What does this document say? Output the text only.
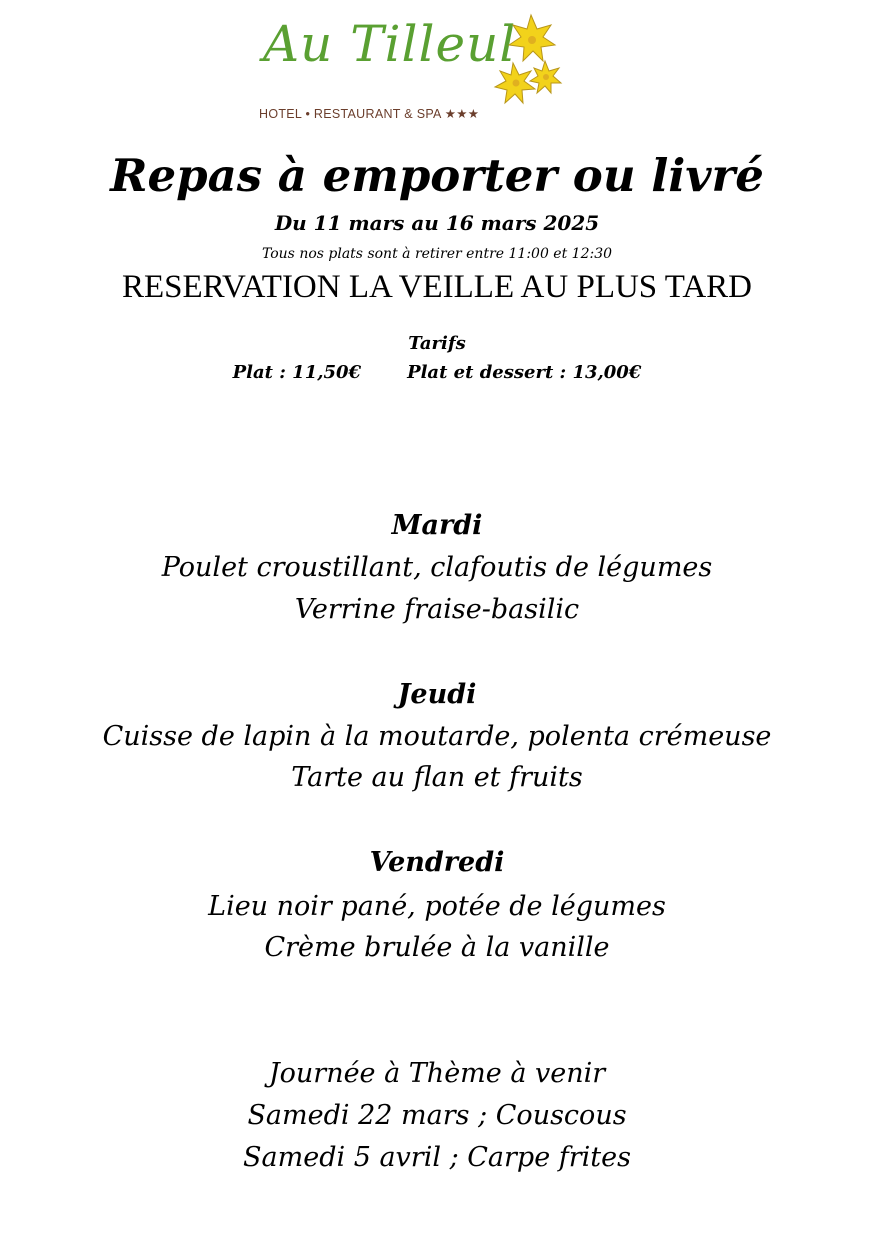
Au Tilleul
HOTEL • RESTAURANT & SPA ★★★
Repas à emporter ou livré
Du 11 mars au 16 mars 2025
Tous nos plats sont à retirer entre 11:00 et 12:30
RESERVATION LA VEILLE AU PLUS TARD
Tarifs
Plat : 11,50€	Plat et dessert : 13,00€
Mardi
Poulet croustillant, clafoutis de légumes
Verrine fraise-basilic
Jeudi
Cuisse de lapin à la moutarde, polenta crémeuse
Tarte au flan et fruits
Vendredi
Lieu noir pané, potée de légumes
Crème brulée à la vanille
Journée à Thème à venir
Samedi 22 mars ; Couscous
Samedi 5 avril ; Carpe frites
